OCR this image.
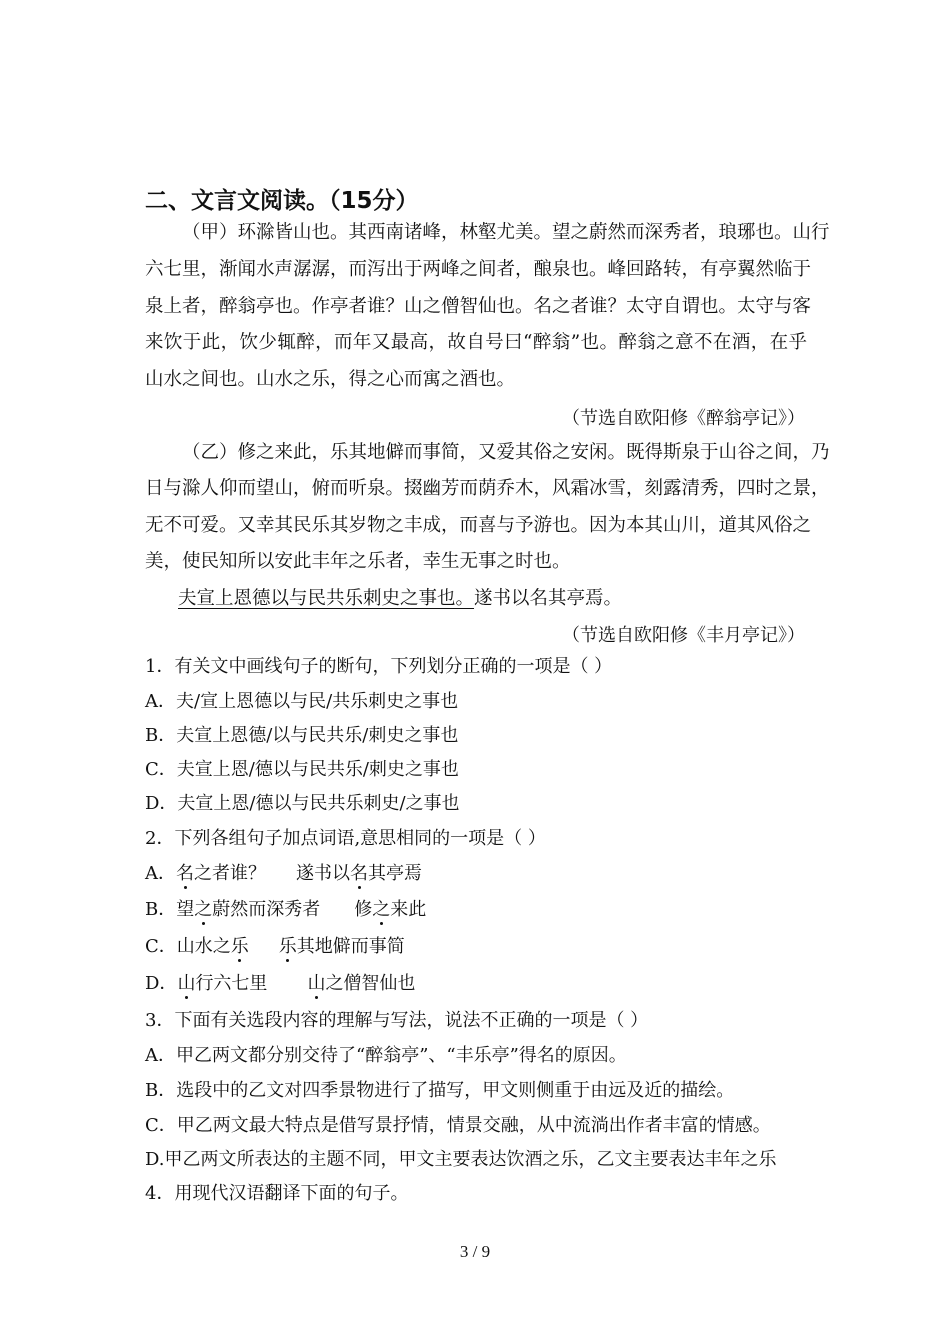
二、文言文阅读。（15分）
（甲）环滁皆山也。其西南诸峰，林壑尤美。望之蔚然而深秀者，琅琊也。山行
六七里，渐闻水声潺潺，而泻出于两峰之间者，酿泉也。峰回路转，有亭翼然临于
泉上者，醉翁亭也。作亭者谁？山之僧智仙也。名之者谁？太守自谓也。太守与客
来饮于此，饮少辄醉，而年又最高，故自号曰“醉翁”也。醉翁之意不在酒，在乎
山水之间也。山水之乐，得之心而寓之酒也。
（节选自欧阳修《醉翁亭记》）
（乙）修之来此，乐其地僻而事简，又爱其俗之安闲。既得斯泉于山谷之间，乃
日与滁人仰而望山，俯而听泉。掇幽芳而荫乔木，风霜冰雪，刻露清秀，四时之景，
无不可爱。又幸其民乐其岁物之丰成，而喜与予游也。因为本其山川，道其风俗之
美，使民知所以安此丰年之乐者，幸生无事之时也。
夫宣上恩德以与民共乐刺史之事也。遂书以名其亭焉。
（节选自欧阳修《丰月亭记》）
1．有关文中画线句子的断句，下列划分正确的一项是（ ）
A．夫/宣上恩德以与民/共乐刺史之事也
B．夫宣上恩德/以与民共乐/刺史之事也
C．夫宣上恩/德以与民共乐/刺史之事也
D．夫宣上恩/德以与民共乐刺史/之事也
2．下列各组句子加点词语,意思相同的一项是（ ）
A．名之者谁？ 遂书以名其亭焉
B．望之蔚然而深秀者 修之来此
C．山水之乐 乐其地僻而事简
D．山行六七里 山之僧智仙也
3．下面有关选段内容的理解与写法，说法不正确的一项是（ ）
A．甲乙两文都分别交待了“醉翁亭”、“丰乐亭”得名的原因。
B．选段中的乙文对四季景物进行了描写，甲文则侧重于由远及近的描绘。
C．甲乙两文最大特点是借写景抒情，情景交融，从中流淌出作者丰富的情感。
D.甲乙两文所表达的主题不同，甲文主要表达饮酒之乐，乙文主要表达丰年之乐
4．用现代汉语翻译下面的句子。
3 / 9
